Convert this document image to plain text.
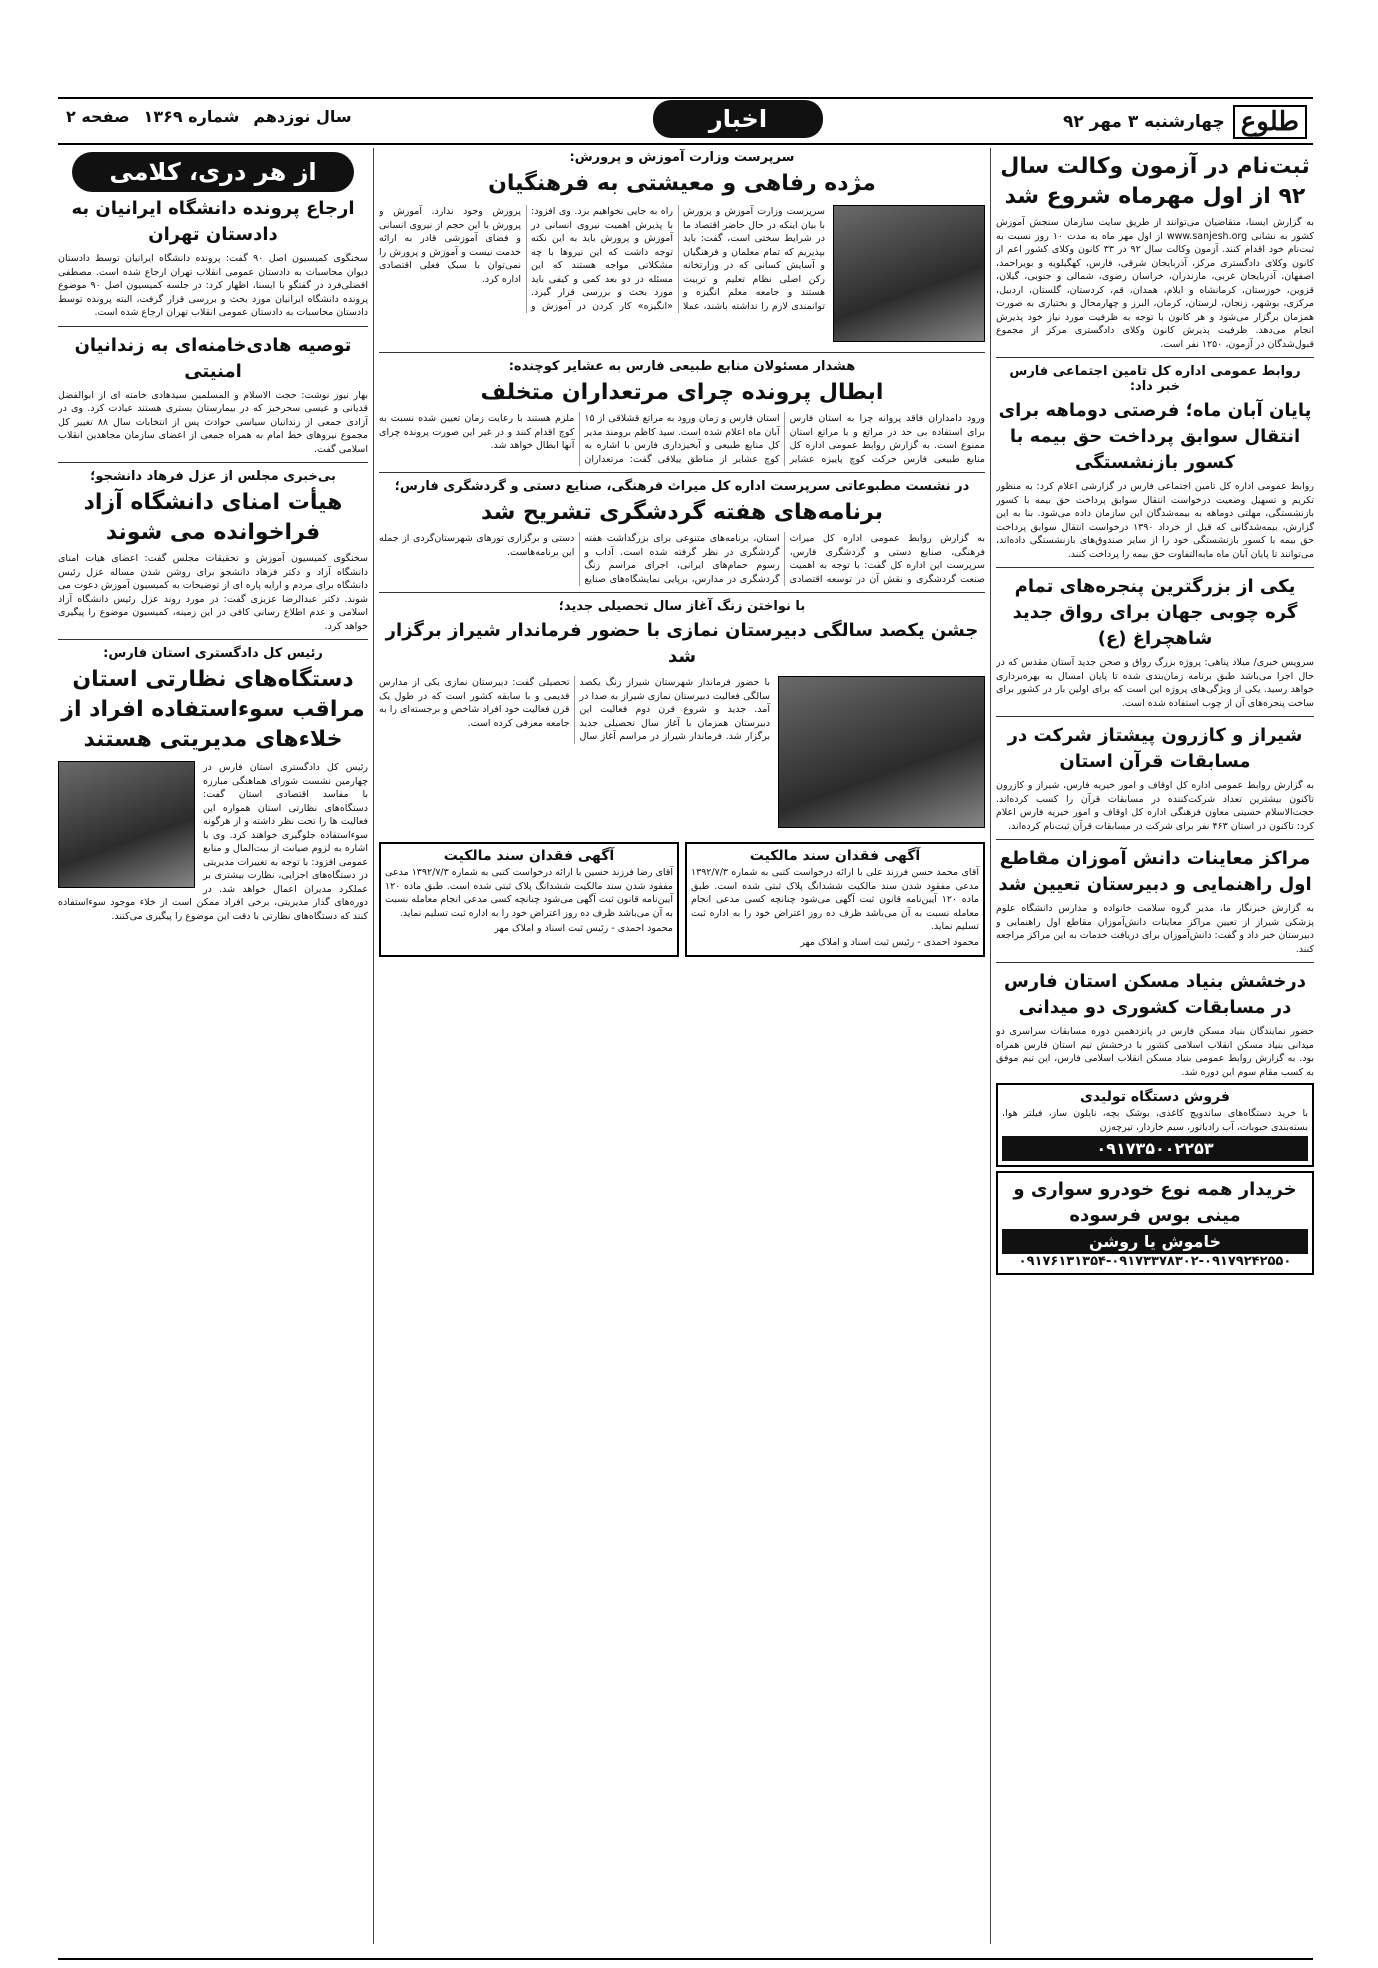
طلوع
چهارشنبه ۳ مهر ۹۲
اخبار
سال نوزدهم
شماره ۱۳۶۹
صفحه ۲
ثبت‌نام در آزمون وکالت سال ۹۲ از اول مهرماه شروع شد

به گزارش ایسنا، متقاضیان می‌توانند از طریق سایت سازمان سنجش آموزش کشور به نشانی www.sanjesh.org از اول مهر ماه به مدت ۱۰ روز نسبت به ثبت‌نام خود اقدام کنند. آزمون وکالت سال ۹۲ در ۳۳ کانون وکلای کشور اعم از کانون وکلای دادگستری مرکز، آذربایجان شرقی، فارس، کهگیلویه و بویراحمد، اصفهان، آذربایجان غربی، مازندران، خراسان رضوی، شمالی و جنوبی، گیلان، قزوین، خوزستان، کرمانشاه و ایلام، همدان، قم، کردستان، گلستان، اردبیل، مرکزی، بوشهر، زنجان، لرستان، کرمان، البرز و چهارمحال و بختیاری به صورت همزمان برگزار می‌شود و هر کانون با توجه به ظرفیت مورد نیاز خود پذیرش انجام می‌دهد. ظرفیت پذیرش کانون وکلای دادگستری مرکز از مجموع قبول‌شدگان در آزمون، ۱۲۵۰ نفر است.

روابط عمومی اداره کل تامین اجتماعی فارس خبر داد:
پایان آبان ماه؛ فرصتی دوماهه برای انتقال سوابق پرداخت حق بیمه با کسور بازنشستگی

روابط عمومی اداره کل تامین اجتماعی فارس در گزارشی اعلام کرد: به منظور تکریم و تسهیل وضعیت درخواست انتقال سوابق پرداخت حق بیمه با کسور بازنشستگی، مهلتی دوماهه به بیمه‌شدگان این سازمان داده می‌شود. بنا به این گزارش، بیمه‌شدگانی که قبل از خرداد ۱۳۹۰ درخواست انتقال سوابق پرداخت حق بیمه با کسور بازنشستگی خود را از سایر صندوق‌های بازنشستگی داده‌اند، می‌توانند تا پایان آبان ماه مابه‌التفاوت حق بیمه را پرداخت کنند.

یکی از بزرگترین پنجره‌های تمام گره چوبی جهان برای رواق جدید شاهچراغ (ع)

سرویس خبری/ میلاد پناهی: پروژه بزرگ رواق و صحن جدید آستان مقدس که در حال اجرا می‌باشد طبق برنامه زمان‌بندی شده تا پایان امسال به بهره‌برداری خواهد رسید. یکی از ویژگی‌های پروژه این است که برای اولین بار در کشور برای ساخت پنجره‌های آن از چوب استفاده شده است.

شیراز و کازرون پیشتاز شرکت در مسابقات قرآن استان

به گزارش روابط عمومی اداره کل اوقاف و امور خیریه فارس، شیراز و کازرون تاکنون بیشترین تعداد شرکت‌کننده در مسابقات قرآن را کسب کرده‌اند. حجت‌الاسلام حسینی معاون فرهنگی اداره کل اوقاف و امور خیریه فارس اعلام کرد: تاکنون در استان ۴۶۳ نفر برای شرکت در مسابقات قرآن ثبت‌نام کرده‌اند.

مراکز معاینات دانش آموزان مقاطع اول راهنمایی و دبیرستان تعیین شد

به گزارش خبرنگار ما، مدیر گروه سلامت خانواده و مدارس دانشگاه علوم پزشکی شیراز از تعیین مراکز معاینات دانش‌آموزان مقاطع اول راهنمایی و دبیرستان خبر داد و گفت: دانش‌آموزان برای دریافت خدمات به این مراکز مراجعه کنند.

درخشش بنیاد مسکن استان فارس در مسابقات کشوری دو میدانی

حضور نمایندگان بنیاد مسکن فارس در پانزدهمین دوره مسابقات سراسری دو میدانی بنیاد مسکن انقلاب اسلامی کشور با درخشش تیم استان فارس همراه بود. به گزارش روابط عمومی بنیاد مسکن انقلاب اسلامی فارس، این تیم موفق به کسب مقام سوم این دوره شد.

فروش دستگاه تولیدی

با خرید دستگاه‌های ساندویچ کاغذی، بوشک بچه، نایلون ساز، فیلتر هوا، بسته‌بندی حبوبات، آب رادیاتور، سیم خاردار، تیرچه‌زن

۰۹۱۷۳۵۰۰۲۲۵۳
خریدار همه نوع خودرو سواری و مینی بوس فرسوده
خاموش یا روشن
۰۹۱۷۶۱۳۱۳۵۴-۰۹۱۷۳۳۷۸۳۰۲-۰۹۱۷۹۲۴۲۵۵۰
سرپرست وزارت آموزش و پرورش:
مژده رفاهی و معیشتی به فرهنگیان

سرپرست وزارت آموزش و پرورش با بیان اینکه در حال حاضر اقتصاد ما در شرایط سختی است، گفت: باید بپذیریم که تمام معلمان و فرهنگیان و آسایش کسانی که در وزارتخانه رکن اصلی نظام تعلیم و تربیت هستند و جامعه معلم انگیزه و توانمندی لازم را نداشته باشند، عملا راه به جایی نخواهیم برد. وی افزود: با پذیرش اهمیت نیروی انسانی در آموزش و پرورش باید به این نکته توجه داشت که این نیروها با چه مشکلاتی مواجه هستند که این مسئله در دو بعد کمی و کیفی باید مورد بحث و بررسی قرار گیرد. «انگیزه» کار کردن در آموزش و پرورش وجود ندارد. آموزش و پرورش با این حجم از نیروی انسانی و فضای آموزشی قادر به ارائه خدمت نیست و آموزش و پرورش را نمی‌توان با سبک فعلی اقتصادی اداره کرد.

هشدار مسئولان منابع طبیعی فارس به عشایر کوچنده:
ابطال پرونده چرای مرتعداران متخلف

ورود دامداران فاقد پروانه چرا به استان فارس برای استفاده بی حد در مراتع و با مراتع استان ممنوع است. به گزارش روابط عمومی اداره کل منابع طبیعی فارس حرکت کوچ پاییزه عشایر استان فارس و زمان ورود به مراتع قشلاقی از ۱۵ آبان ماه اعلام شده است. سید کاظم برومند مدیر کل منابع طبیعی و آبخیزداری فارس با اشاره به کوچ عشایر از مناطق ییلاقی گفت: مرتعداران ملزم هستند با رعایت زمان تعیین شده نسبت به کوچ اقدام کنند و در غیر این صورت پرونده چرای آنها ابطال خواهد شد.

در نشست مطبوعاتی سرپرست اداره کل میراث فرهنگی، صنایع دستی و گردشگری فارس؛
برنامه‌های هفته گردشگری تشریح شد

به گزارش روابط عمومی اداره کل میراث فرهنگی، صنایع دستی و گردشگری فارس، سرپرست این اداره کل گفت: با توجه به اهمیت صنعت گردشگری و نقش آن در توسعه اقتصادی استان، برنامه‌های متنوعی برای بزرگداشت هفته گردشگری در نظر گرفته شده است. آداب و رسوم حمام‌های ایرانی، اجرای مراسم زنگ گردشگری در مدارس، برپایی نمایشگاه‌های صنایع دستی و برگزاری تورهای شهرستان‌گردی از جمله این برنامه‌هاست.

با نواختن زنگ آغاز سال تحصیلی جدید؛
جشن یکصد سالگی دبیرستان نمازی با حضور فرماندار شیراز برگزار شد

با حضور فرماندار شهرستان شیراز زنگ یکصد سالگی فعالیت دبیرستان نمازی شیراز به صدا در آمد. جدید و شروع قرن دوم فعالیت این دبیرستان همزمان با آغاز سال تحصیلی جدید برگزار شد. فرماندار شیراز در مراسم آغاز سال تحصیلی گفت: دبیرستان نمازی یکی از مدارس قدیمی و با سابقه کشور است که در طول یک قرن فعالیت خود افراد شاخص و برجسته‌ای را به جامعه معرفی کرده است.

آگهی فقدان سند مالکیت

آقای محمد حسن فرزند علی با ارائه درخواست کتبی به شماره ۱۳۹۲/۷/۳ مدعی مفقود شدن سند مالکیت ششدانگ پلاک ثبتی شده است. طبق ماده ۱۲۰ آیین‌نامه قانون ثبت آگهی می‌شود چنانچه کسی مدعی انجام معامله نسبت به آن می‌باشد ظرف ده روز اعتراض خود را به اداره ثبت تسلیم نماید.

محمود احمدی - رئیس ثبت اسناد و املاک مهر
آگهی فقدان سند مالکیت

آقای رضا فرزند حسین با ارائه درخواست کتبی به شماره ۱۳۹۲/۷/۳ مدعی مفقود شدن سند مالکیت ششدانگ پلاک ثبتی شده است. طبق ماده ۱۲۰ آیین‌نامه قانون ثبت آگهی می‌شود چنانچه کسی مدعی انجام معامله نسبت به آن می‌باشد ظرف ده روز اعتراض خود را به اداره ثبت تسلیم نماید.

محمود احمدی - رئیس ثبت اسناد و املاک مهر
از هر دری، کلامی
ارجاع پرونده دانشگاه ایرانیان به دادستان تهران

سخنگوی کمیسیون اصل ۹۰ گفت: پرونده دانشگاه ایرانیان توسط دادستان دیوان محاسبات به دادستان عمومی انقلاب تهران ارجاع شده است. مصطفی افضلی‌فرد در گفتگو با ایسنا، اظهار کرد: در جلسه کمیسیون اصل ۹۰ موضوع پرونده دانشگاه ایرانیان مورد بحث و بررسی قرار گرفت، البته پرونده توسط دادستان محاسبات به دادستان عمومی انقلاب تهران ارجاع شده است.

توصیه هادی‌خامنه‌ای به زندانیان امنیتی

بهار نیوز نوشت: حجت الاسلام و المسلمین سیدهادی خامنه ای از ابوالفضل قدیانی و عیسی سحرخیز که در بیمارستان بستری هستند عیادت کرد. وی در آزادی جمعی از زندانیان سیاسی حوادث پس از انتخابات سال ۸۸ تغییر کل مجموع نیروهای خط امام به همراه جمعی از اعضای سازمان مجاهدین انقلاب اسلامی گفت.

بی‌خبری مجلس از عزل فرهاد دانشجو؛
هیأت امنای دانشگاه آزاد فراخوانده می شوند

سخنگوی کمیسیون آموزش و تحقیقات مجلس گفت: اعضای هیات امنای دانشگاه آزاد و دکتر فرهاد دانشجو برای روشن شدن مساله عزل رئیس دانشگاه برای مردم و ارایه پاره ای از توضیحات به کمیسیون آموزش دعوت می شوند. دکتر عبدالرضا عزیزی گفت: در مورد روند عزل رئیس دانشگاه آزاد اسلامی و عدم اطلاع رسانی کافی در این زمینه، کمیسیون موضوع را پیگیری خواهد کرد.

رئیس کل دادگستری استان فارس:
دستگاه‌های نظارتی استان مراقب سوءاستفاده افراد از خلاء‌های مدیریتی هستند

رئیس کل دادگستری استان فارس در چهارمین نشست شورای هماهنگی مبارزه با مفاسد اقتصادی استان گفت: دستگاه‌های نظارتی استان همواره این فعالیت ها را تحت نظر داشته و از هرگونه سوءاستفاده جلوگیری خواهند کرد. وی با اشاره به لزوم صیانت از بیت‌المال و منابع عمومی افزود: با توجه به تغییرات مدیریتی در دستگاه‌های اجرایی، نظارت بیشتری بر عملکرد مدیران اعمال خواهد شد. در دوره‌های گذار مدیریتی، برخی افراد ممکن است از خلاء موجود سوءاستفاده کنند که دستگاه‌های نظارتی با دقت این موضوع را پیگیری می‌کنند.
